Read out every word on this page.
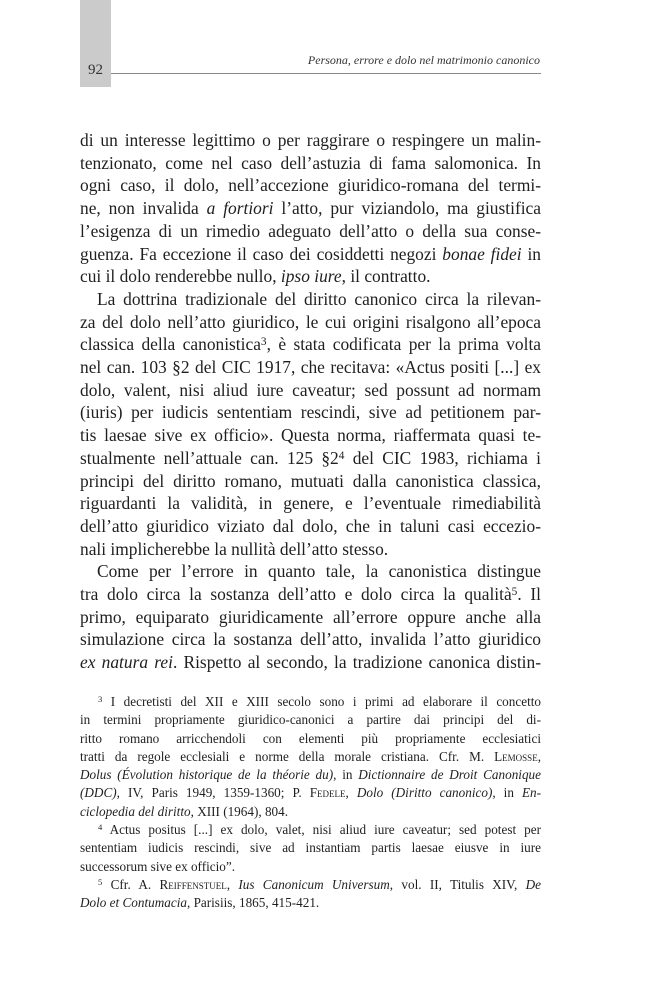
92
Persona, errore e dolo nel matrimonio canonico

di un interesse legittimo o per raggirare o respingere un malin-

tenzionato, come nel caso dell’astuzia di fama salomonica. In

ogni caso, il dolo, nell’accezione giuridico-romana del termi-

ne, non invalida a fortiori l’atto, pur viziandolo, ma giustifica

l’esigenza di un rimedio adeguato dell’atto o della sua conse-

guenza. Fa eccezione il caso dei cosiddetti negozi bonae fidei in

cui il dolo renderebbe nullo, ipso iure, il contratto.

La dottrina tradizionale del diritto canonico circa la rilevan-

za del dolo nell’atto giuridico, le cui origini risalgono all’epoca

classica della canonistica$^3$, è stata codificata per la prima volta

nel can. 103 §2 del CIC 1917, che recitava: «Actus positi [...] ex

dolo, valent, nisi aliud iure caveatur; sed possunt ad normam

(iuris) per iudicis sententiam rescindi, sive ad petitionem par-

tis laesae sive ex officio». Questa norma, riaffermata quasi te-

stualmente nell’attuale can. 125 $\S 2^4$ del CIC 1983, richiama i

principi del diritto romano, mutuati dalla canonistica classica,

riguardanti la validità, in genere, e l’eventuale rimediabilità

dell’atto giuridico viziato dal dolo, che in taluni casi eccezio-

nali implicherebbe la nullità dell’atto stesso.

Come per l’errore in quanto tale, la canonistica distingue

tra dolo circa la sostanza dell’atto e dolo circa la qualità$^5$. Il

primo, equiparato giuridicamente all’errore oppure anche alla

simulazione circa la sostanza dell’atto, invalida l’atto giuridico

ex natura rei. Rispetto al secondo, la tradizione canonica distin-

$^3$ I decretisti del XII e XIII secolo sono i primi ad elaborare il concetto

in termini propriamente giuridico-canonici a partire dai principi del di-

ritto romano arricchendoli con elementi più propriamente ecclesiatici

tratti da regole ecclesiali e norme della morale cristiana. Cfr. M. Lemosse,

Dolus (Évolution historique de la théorie du), in Dictionnaire de Droit Canonique

(DDC), IV, Paris 1949, 1359-1360; P. Fedele, Dolo (Diritto canonico), in En-

ciclopedia del diritto, XIII (1964), 804.

$^4$ Actus positus [...] ex dolo, valet, nisi aliud iure caveatur; sed potest per

sententiam iudicis rescindi, sive ad instantiam partis laesae eiusve in iure

successorum sive ex officio”.

$^5$ Cfr. A. Reiffenstuel, Ius Canonicum Universum, vol. II, Titulis XIV, De

Dolo et Contumacia, Parisiis, 1865, 415-421.
